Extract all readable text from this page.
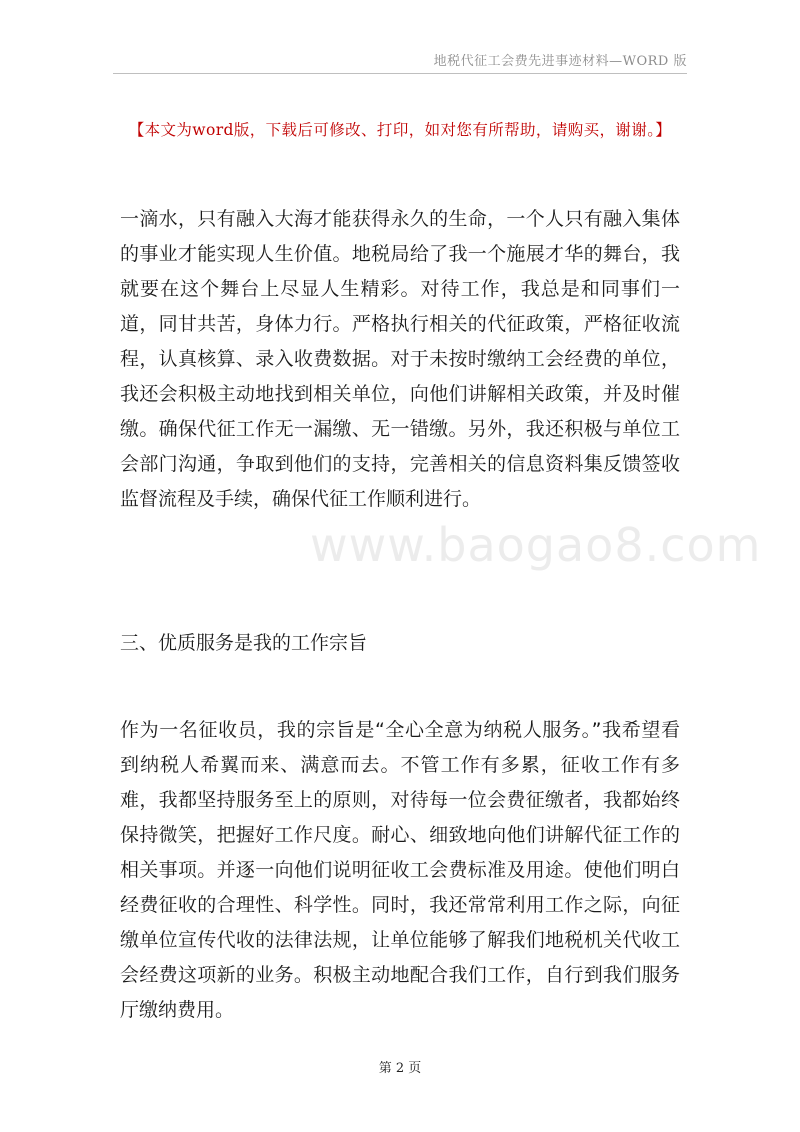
地税代征工会费先进事迹材料—WORD 版
【本文为word版，下载后可修改、打印，如对您有所帮助，请购买，谢谢。】
www.baogao8.com
一滴水，只有融入大海才能获得永久的生命，一个人只有融入集体的事业才能实现人生价值。地税局给了我一个施展才华的舞台，我就要在这个舞台上尽显人生精彩。对待工作，我总是和同事们一道，同甘共苦，身体力行。严格执行相关的代征政策，严格征收流程，认真核算、录入收费数据。对于未按时缴纳工会经费的单位，我还会积极主动地找到相关单位，向他们讲解相关政策，并及时催缴。确保代征工作无一漏缴、无一错缴。另外，我还积极与单位工会部门沟通，争取到他们的支持，完善相关的信息资料集反馈签收监督流程及手续，确保代征工作顺利进行。
三、优质服务是我的工作宗旨
作为一名征收员，我的宗旨是“全心全意为纳税人服务。”我希望看到纳税人希翼而来、满意而去。不管工作有多累，征收工作有多难，我都坚持服务至上的原则，对待每一位会费征缴者，我都始终保持微笑，把握好工作尺度。耐心、细致地向他们讲解代征工作的相关事项。并逐一向他们说明征收工会费标准及用途。使他们明白经费征收的合理性、科学性。同时，我还常常利用工作之际，向征缴单位宣传代收的法律法规，让单位能够了解我们地税机关代收工会经费这项新的业务。积极主动地配合我们工作，自行到我们服务厅缴纳费用。
第 2 页
